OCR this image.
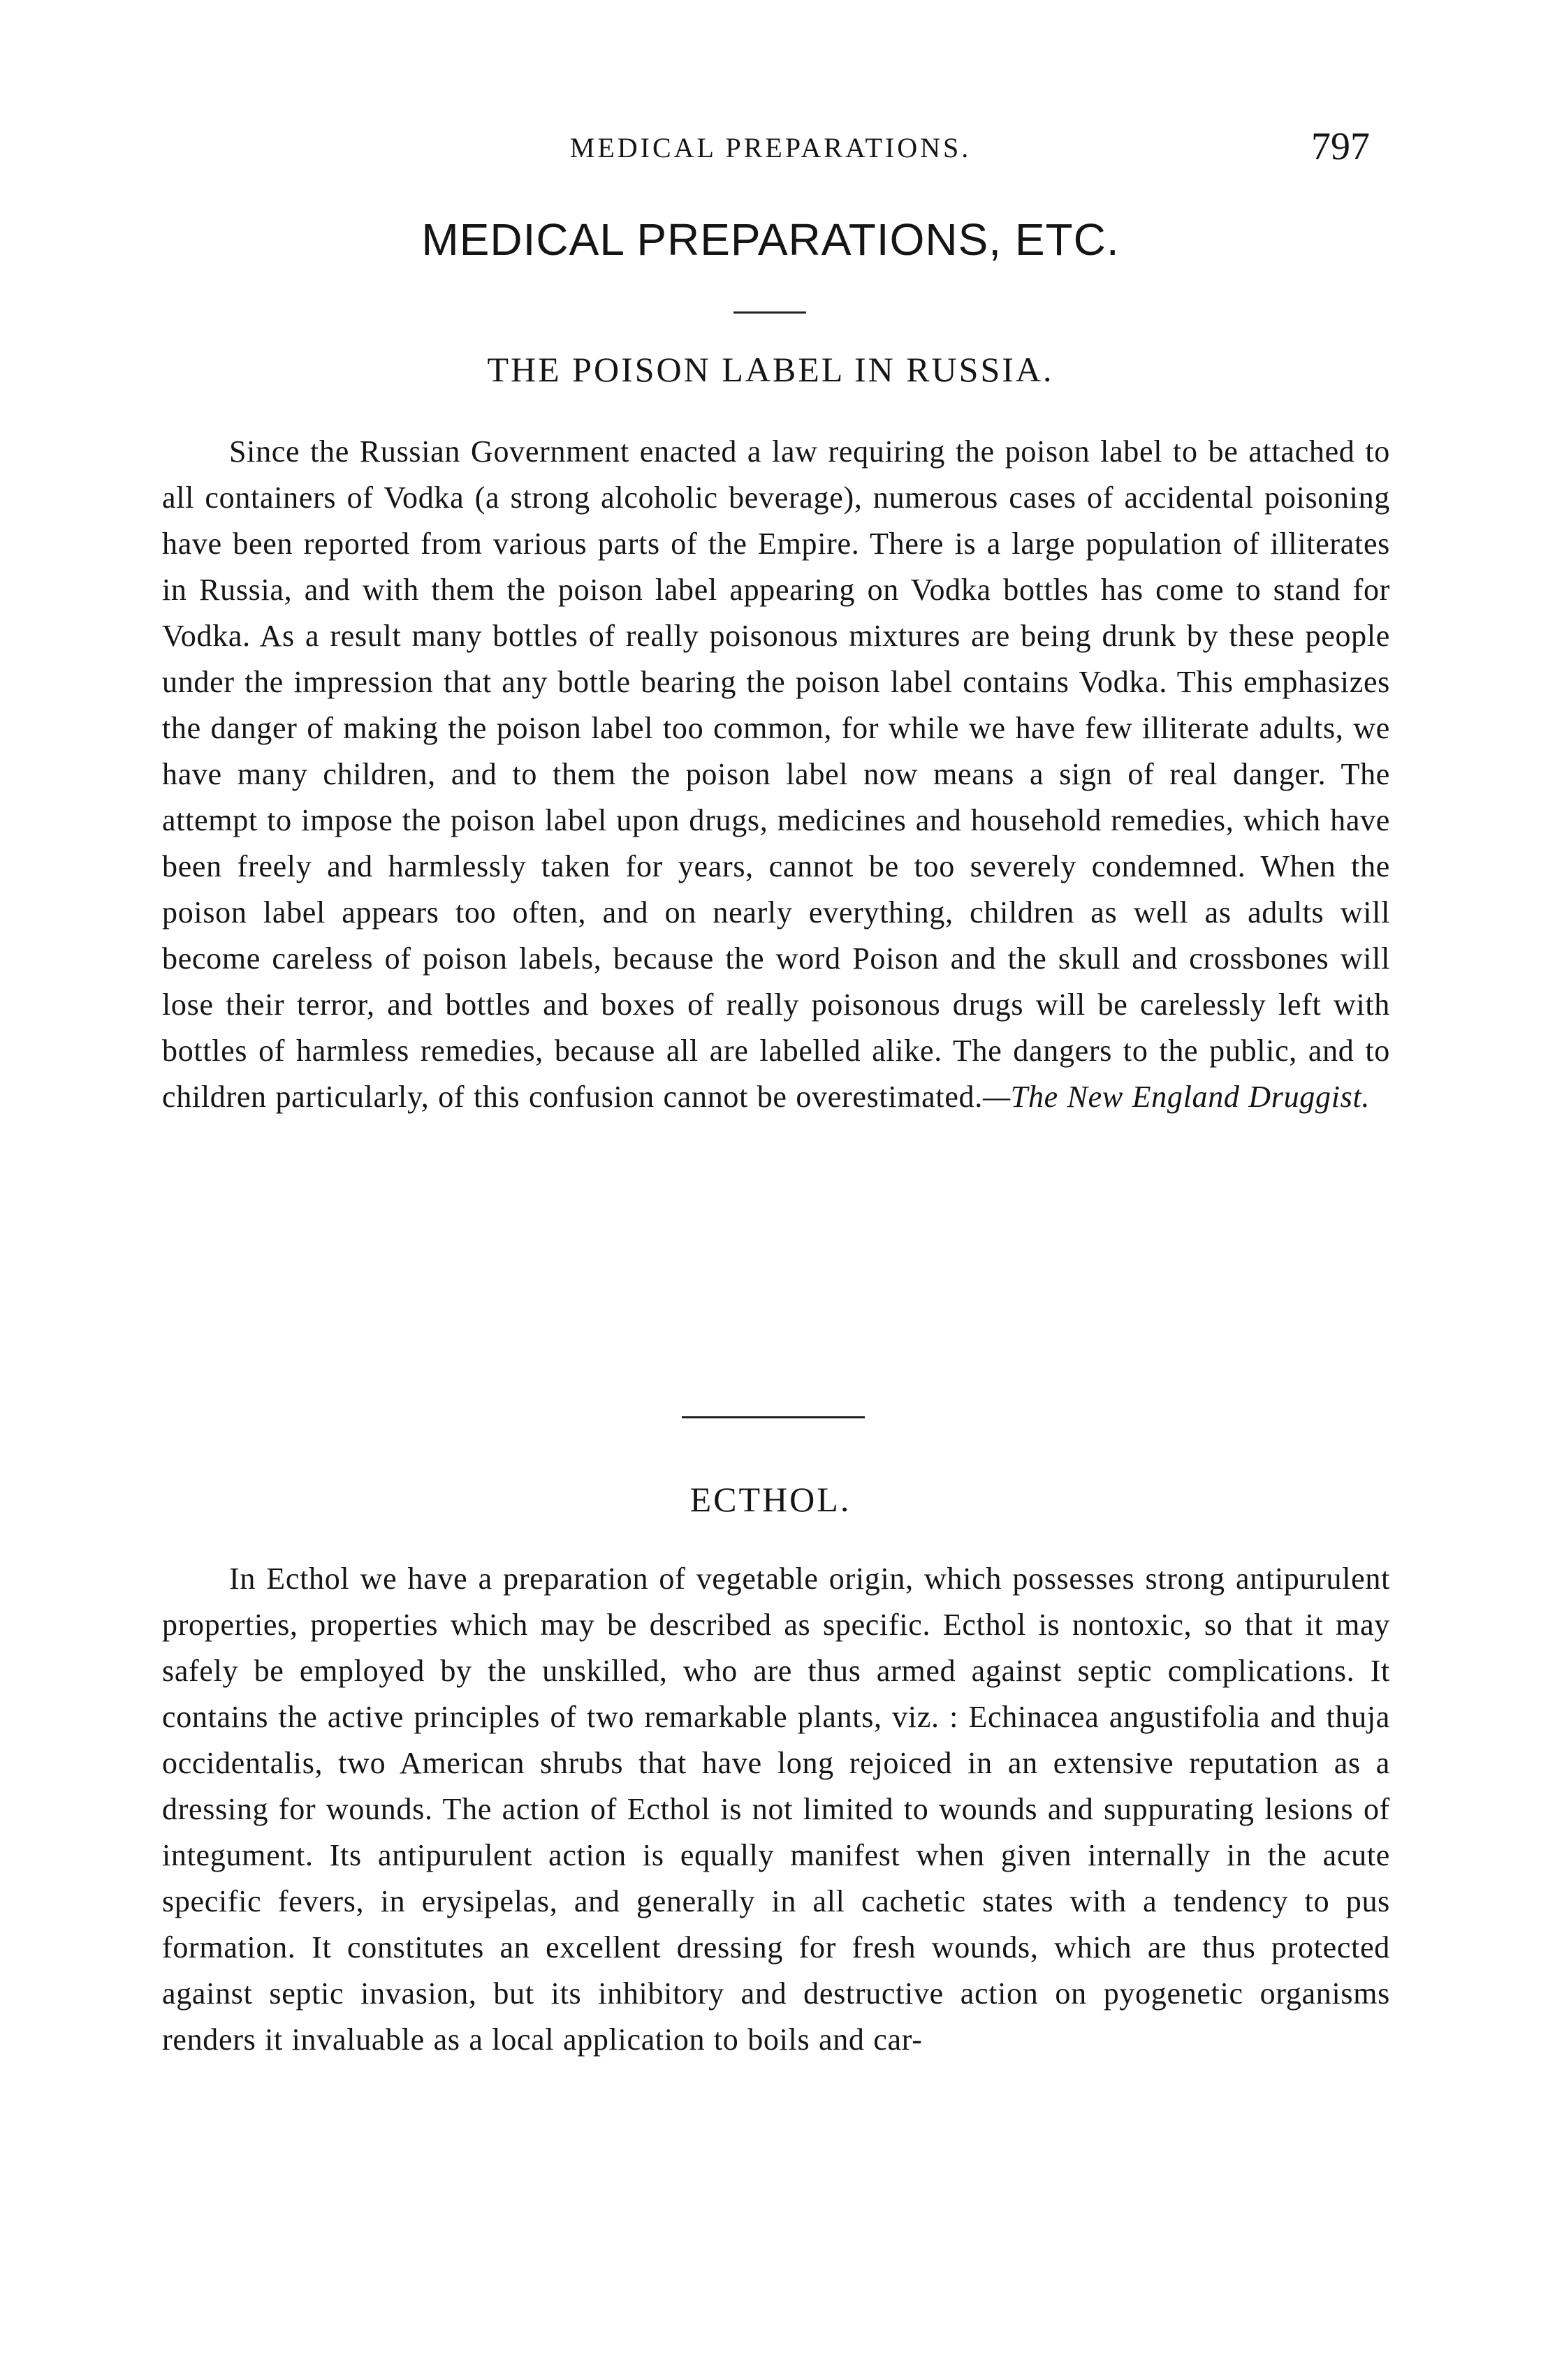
MEDICAL PREPARATIONS.	797
MEDICAL PREPARATIONS, ETC.
THE POISON LABEL IN RUSSIA.

Since the Russian Government enacted a law requiring the poison label to be attached to all containers of Vodka (a strong alcoholic beverage), numerous cases of accidental poisoning have been reported from various parts of the Empire. There is a large population of illiterates in Russia, and with them the poison label appearing on Vodka bottles has come to stand for Vodka. As a result many bottles of really poisonous mixtures are being drunk by these people under the impression that any bottle bearing the poison label contains Vodka. This emphasizes the danger of making the poison label too common, for while we have few illiterate adults, we have many children, and to them the poison label now means a sign of real danger. The attempt to impose the poison label upon drugs, medicines and household remedies, which have been freely and harmlessly taken for years, cannot be too severely condemned. When the poison label appears too often, and on nearly everything, children as well as adults will become careless of poison labels, because the word Poison and the skull and crossbones will lose their terror, and bottles and boxes of really poisonous drugs will be carelessly left with bottles of harmless remedies, because all are labelled alike. The dangers to the public, and to children particularly, of this confusion cannot be overestimated.—The New England Druggist.

ECTHOL.

In Ecthol we have a preparation of vegetable origin, which possesses strong antipurulent properties, properties which may be described as specific. Ecthol is nontoxic, so that it may safely be employed by the unskilled, who are thus armed against septic complications. It contains the active principles of two remarkable plants, viz. : Echinacea angustifolia and thuja occidentalis, two American shrubs that have long rejoiced in an extensive reputation as a dressing for wounds. The action of Ecthol is not limited to wounds and suppurating lesions of integument. Its antipurulent action is equally manifest when given internally in the acute specific fevers, in erysipelas, and generally in all cachetic states with a tendency to pus formation. It constitutes an excellent dressing for fresh wounds, which are thus protected against septic invasion, but its inhibitory and destructive action on pyogenetic organisms renders it invaluable as a local application to boils and car-
